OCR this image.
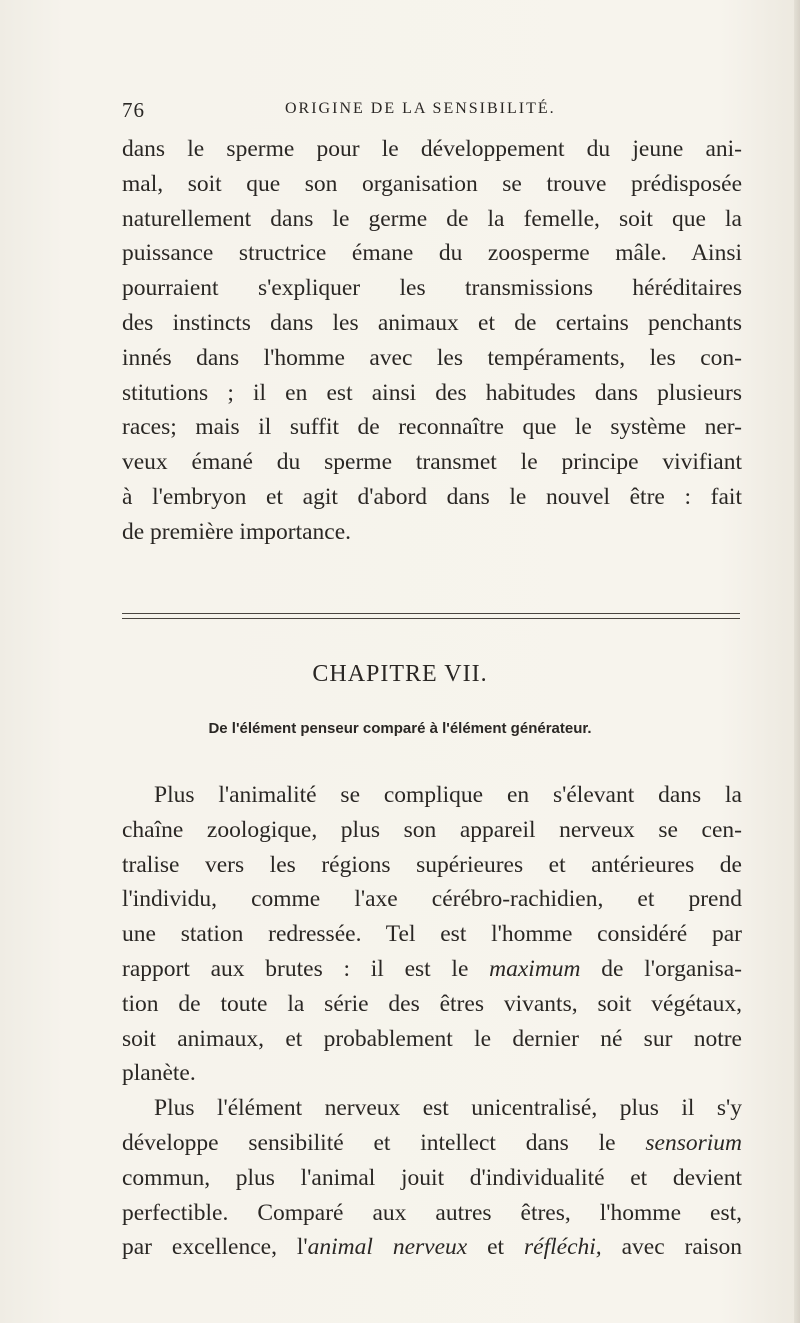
76	ORIGINE DE LA SENSIBILITÉ.
dans le sperme pour le développement du jeune ani-
mal, soit que son organisation se trouve prédisposée
naturellement dans le germe de la femelle, soit que la
puissance structrice émane du zoosperme mâle. Ainsi
pourraient s'expliquer les transmissions héréditaires
des instincts dans les animaux et de certains penchants
innés dans l'homme avec les tempéraments, les con-
stitutions ; il en est ainsi des habitudes dans plusieurs
races; mais il suffit de reconnaître que le système ner-
veux émané du sperme transmet le principe vivifiant
à l'embryon et agit d'abord dans le nouvel être : fait
de première importance.
CHAPITRE VII.
De l'élément penseur comparé à l'élément générateur.
Plus l'animalité se complique en s'élevant dans la
chaîne zoologique, plus son appareil nerveux se cen-
tralise vers les régions supérieures et antérieures de
l'individu, comme l'axe cérébro-rachidien, et prend
une station redressée. Tel est l'homme considéré par
rapport aux brutes : il est le maximum de l'organisa-
tion de toute la série des êtres vivants, soit végétaux,
soit animaux, et probablement le dernier né sur notre
planète.
Plus l'élément nerveux est unicentralisé, plus il s'y
développe sensibilité et intellect dans le sensorium
commun, plus l'animal jouit d'individualité et devient
perfectible. Comparé aux autres êtres, l'homme est,
par excellence, l'animal nerveux et réfléchi, avec raison
